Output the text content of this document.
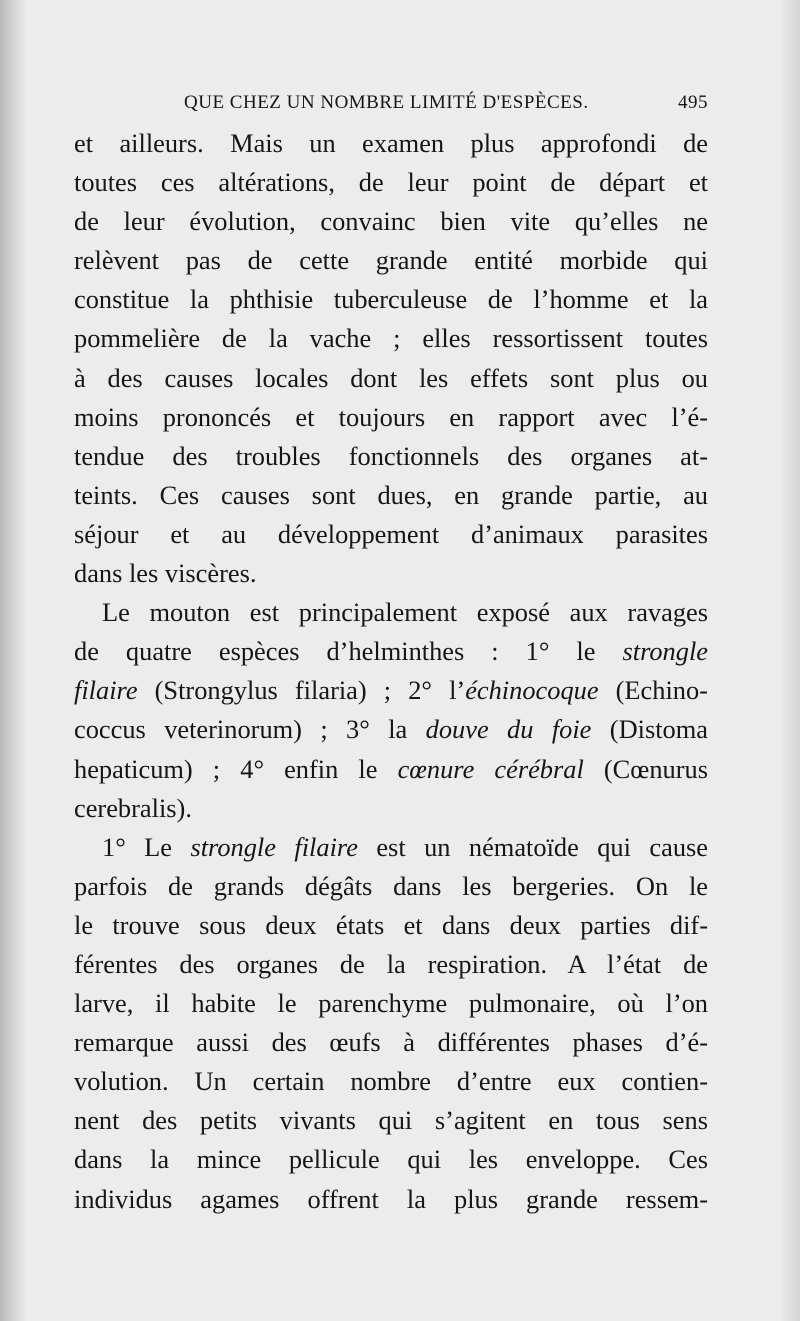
QUE CHEZ UN NOMBRE LIMITÉ D'ESPÈCES.	495
et ailleurs. Mais un examen plus approfondi de
toutes ces altérations, de leur point de départ et
de leur évolution, convainc bien vite qu’elles ne
relèvent pas de cette grande entité morbide qui
constitue la phthisie tuberculeuse de l’homme et la
pommelière de la vache ; elles ressortissent toutes
à des causes locales dont les effets sont plus ou
moins prononcés et toujours en rapport avec l’é-
tendue des troubles fonctionnels des organes at-
teints. Ces causes sont dues, en grande partie, au
séjour et au développement d’animaux parasites
dans les viscères.
Le mouton est principalement exposé aux ravages
de quatre espèces d’helminthes : 1° le strongle
filaire (Strongylus filaria) ; 2° l’échinocoque (Echino-
coccus veterinorum) ; 3° la douve du foie (Distoma
hepaticum) ; 4° enfin le cœnure cérébral (Cœnurus
cerebralis).
1° Le strongle filaire est un nématoïde qui cause
parfois de grands dégâts dans les bergeries. On le
le trouve sous deux états et dans deux parties dif-
férentes des organes de la respiration. A l’état de
larve, il habite le parenchyme pulmonaire, où l’on
remarque aussi des œufs à différentes phases d’é-
volution. Un certain nombre d’entre eux contien-
nent des petits vivants qui s’agitent en tous sens
dans la mince pellicule qui les enveloppe. Ces
individus agames offrent la plus grande ressem-
